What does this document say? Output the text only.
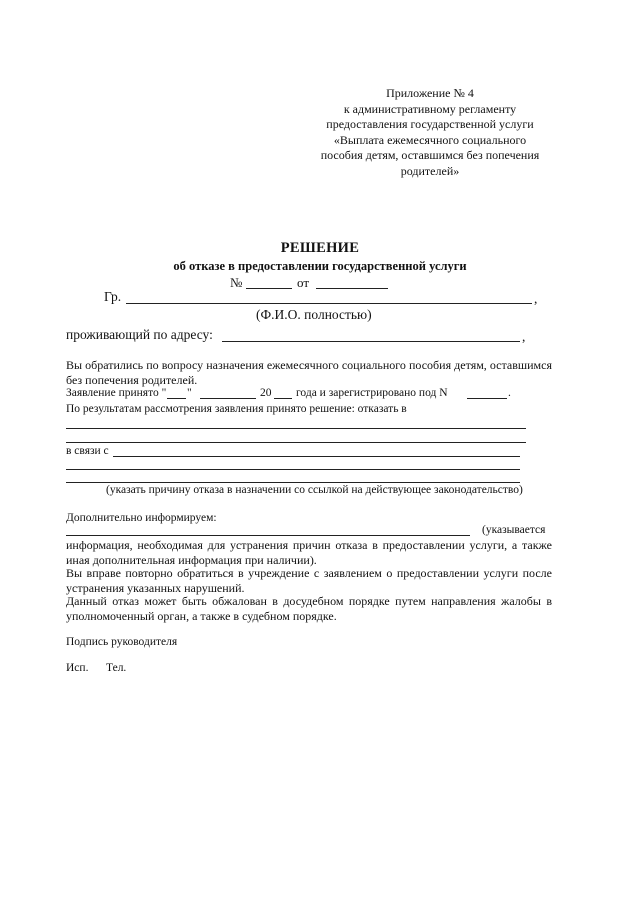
Приложение № 4
к административному регламенту
предоставления государственной услуги
«Выплата ежемесячного социального
пособия детям, оставшимся без попечения
родителей»
РЕШЕНИЕ
об отказе в предоставлении государственной услуги
№	от
Гр.	,
(Ф.И.О. полностью)
проживающий по адресу:	,
Вы обратились по вопросу назначения ежемесячного социального пособия детям, оставшимся без попечения родителей.
Заявление принято " "	20 года и зарегистрировано под N	.
По результатам рассмотрения заявления принято решение: отказать в
в связи с
(указать причину отказа в назначении со ссылкой на действующее законодательство)
Дополнительно информируем:
(указывается
информация, необходимая для устранения причин отказа в предоставлении услуги, а также иная дополнительная информация при наличии).
Вы вправе повторно обратиться в учреждение с заявлением о предоставлении услуги после устранения указанных нарушений.
Данный отказ может быть обжалован в досудебном порядке путем направления жалобы в уполномоченный орган, а также в судебном порядке.
Подпись руководителя
Исп. Тел.
